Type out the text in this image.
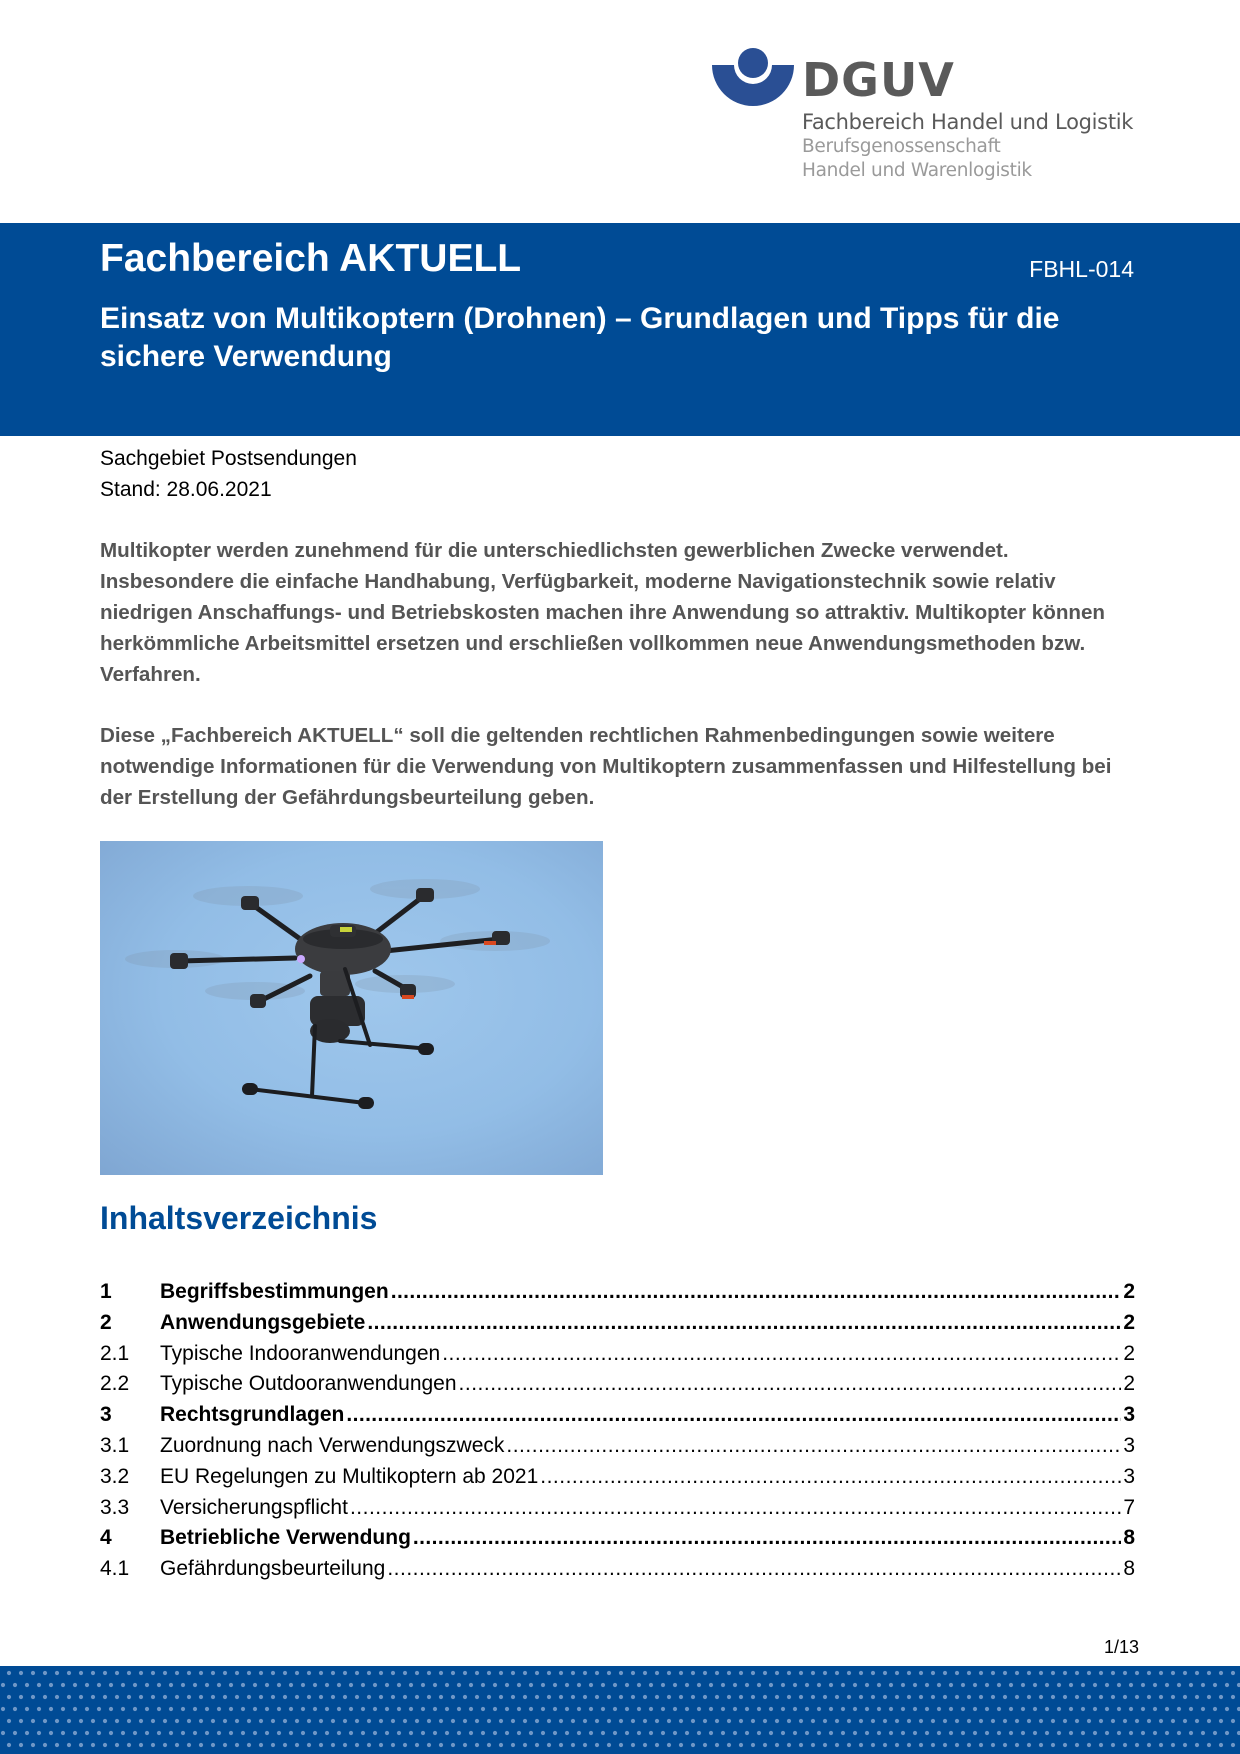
DGUV
Fachbereich Handel und Logistik
Berufsgenossenschaft
Handel und Warenlogistik
Fachbereich AKTUELL	FBHL-014
Einsatz von Multikoptern (Drohnen) – Grundlagen und Tipps für die sichere Verwendung
Sachgebiet Postsendungen
Stand: 28.06.2021
Multikopter werden zunehmend für die unterschiedlichsten gewerblichen Zwecke verwendet. Insbesondere die einfache Handhabung, Verfügbarkeit, moderne Navigationstechnik sowie relativ niedrigen Anschaffungs- und Betriebskosten machen ihre Anwendung so attraktiv. Multikopter können herkömmliche Arbeitsmittel ersetzen und erschließen vollkommen neue Anwendungsmethoden bzw. Verfahren.
Diese „Fachbereich AKTUELL“ soll die geltenden rechtlichen Rahmenbedingungen sowie weitere notwendige Informationen für die Verwendung von Multikoptern zusammenfassen und Hilfestellung bei der Erstellung der Gefährdungsbeurteilung geben.
Inhaltsverzeichnis
1	Begriffsbestimmungen .....	2
2	Anwendungsgebiete .....	2
2.1	Typische Indooranwendungen .....	2
2.2	Typische Outdooranwendungen .....	2
3	Rechtsgrundlagen .....	3
3.1	Zuordnung nach Verwendungszweck .....	3
3.2	EU Regelungen zu Multikoptern ab 2021 .....	3
3.3	Versicherungspflicht .....	7
4	Betriebliche Verwendung .....	8
4.1	Gefährdungsbeurteilung .....	8
1/13
